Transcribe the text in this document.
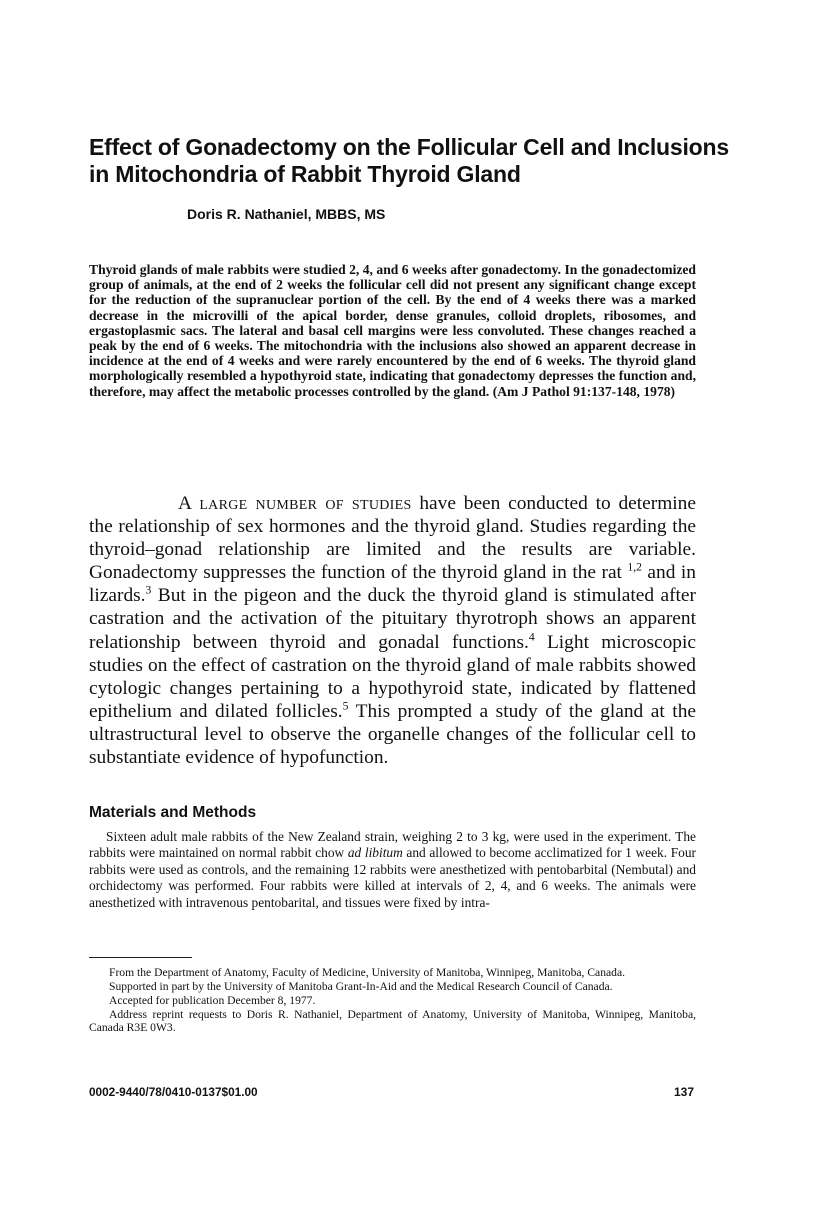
Effect of Gonadectomy on the Follicular Cell and Inclusions in Mitochondria of Rabbit Thyroid Gland
Doris R. Nathaniel, MBBS, MS

Thyroid glands of male rabbits were studied 2, 4, and 6 weeks after gonadectomy. In the gonadectomized group of animals, at the end of 2 weeks the follicular cell did not present any significant change except for the reduction of the supranuclear portion of the cell. By the end of 4 weeks there was a marked decrease in the microvilli of the apical border, dense granules, colloid droplets, ribosomes, and ergastoplasmic sacs. The lateral and basal cell margins were less convoluted. These changes reached a peak by the end of 6 weeks. The mitochondria with the inclusions also showed an apparent decrease in incidence at the end of 4 weeks and were rarely encountered by the end of 6 weeks. The thyroid gland morphologically resembled a hypothyroid state, indicating that gonadectomy depresses the function and, therefore, may affect the metabolic processes controlled by the gland. (Am J Pathol 91:137-148, 1978)

A large number of studies have been conducted to determine the relationship of sex hormones and the thyroid gland. Studies regarding the thyroid–gonad relationship are limited and the results are variable. Gonadectomy suppresses the function of the thyroid gland in the rat $^{1,2}$ and in lizards.$^3$ But in the pigeon and the duck the thyroid gland is stimulated after castration and the activation of the pituitary thyrotroph shows an apparent relationship between thyroid and gonadal functions.$^4$ Light microscopic studies on the effect of castration on the thyroid gland of male rabbits showed cytologic changes pertaining to a hypothyroid state, indicated by flattened epithelium and dilated follicles.$^5$ This prompted a study of the gland at the ultrastructural level to observe the organelle changes of the follicular cell to substantiate evidence of hypofunction.

Materials and Methods

Sixteen adult male rabbits of the New Zealand strain, weighing 2 to 3 kg, were used in the experiment. The rabbits were maintained on normal rabbit chow ad libitum and allowed to become acclimatized for 1 week. Four rabbits were used as controls, and the remaining 12 rabbits were anesthetized with pentobarbital (Nembutal) and orchidectomy was performed. Four rabbits were killed at intervals of 2, 4, and 6 weeks. The animals were anesthetized with intravenous pentobarital, and tissues were fixed by intra-

From the Department of Anatomy, Faculty of Medicine, University of Manitoba, Winnipeg, Manitoba, Canada.

Supported in part by the University of Manitoba Grant-In-Aid and the Medical Research Council of Canada.

Accepted for publication December 8, 1977.

Address reprint requests to Doris R. Nathaniel, Department of Anatomy, University of Manitoba, Winnipeg, Manitoba, Canada R3E 0W3.

0002-9440/78/0410-0137$01.00	137
